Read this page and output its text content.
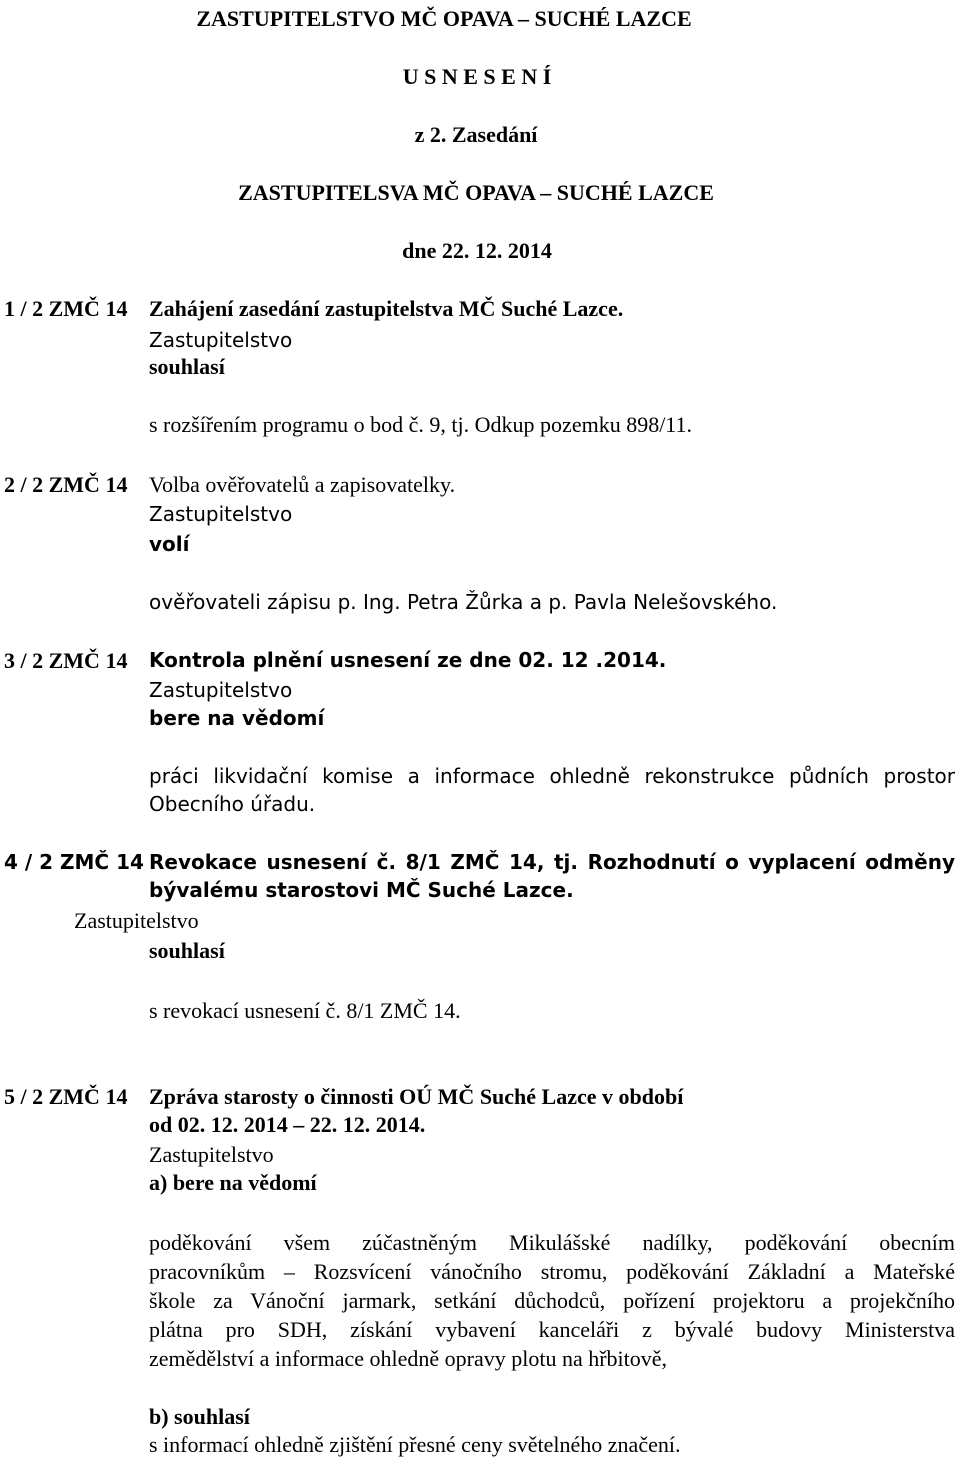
ZASTUPITELSTVO MČ OPAVA – SUCHÉ LAZCE
U S N E S E N Í
z 2. Zasedání
ZASTUPITELSVA MČ OPAVA – SUCHÉ LAZCE
dne 22. 12. 2014
1 / 2 ZMČ 14 Zahájení zasedání zastupitelstva MČ Suché Lazce.
Zastupitelstvo
souhlasí
s rozšířením programu o bod č. 9, tj. Odkup pozemku 898/11.
2 / 2 ZMČ 14 Volba ověřovatelů a zapisovatelky.
Zastupitelstvo
volí
ověřovateli zápisu p. Ing. Petra Žůrka a p. Pavla Nelešovského.
3 / 2 ZMČ 14 Kontrola plnění usnesení ze dne 02. 12 .2014.
Zastupitelstvo
bere na vědomí
práci likvidační komise a informace ohledně rekonstrukce půdních prostor
Obecního úřadu.
4 / 2 ZMČ 14 Revokace usnesení č. 8/1 ZMČ 14, tj. Rozhodnutí o vyplacení odměny
bývalému starostovi MČ Suché Lazce.
Zastupitelstvo
souhlasí
s revokací usnesení č. 8/1 ZMČ 14.
5 / 2 ZMČ 14 Zpráva starosty o činnosti OÚ MČ Suché Lazce v období
od 02. 12. 2014 – 22. 12. 2014.
Zastupitelstvo
a) bere na vědomí
poděkování všem zúčastněným Mikulášské nadílky, poděkování obecním
pracovníkům – Rozsvícení vánočního stromu, poděkování Základní a Mateřské
škole za Vánoční jarmark, setkání důchodců, pořízení projektoru a projekčního
plátna pro SDH, získání vybavení kanceláři z bývalé budovy Ministerstva
zemědělství a informace ohledně opravy plotu na hřbitově,
b) souhlasí
s informací ohledně zjištění přesné ceny světelného značení.
